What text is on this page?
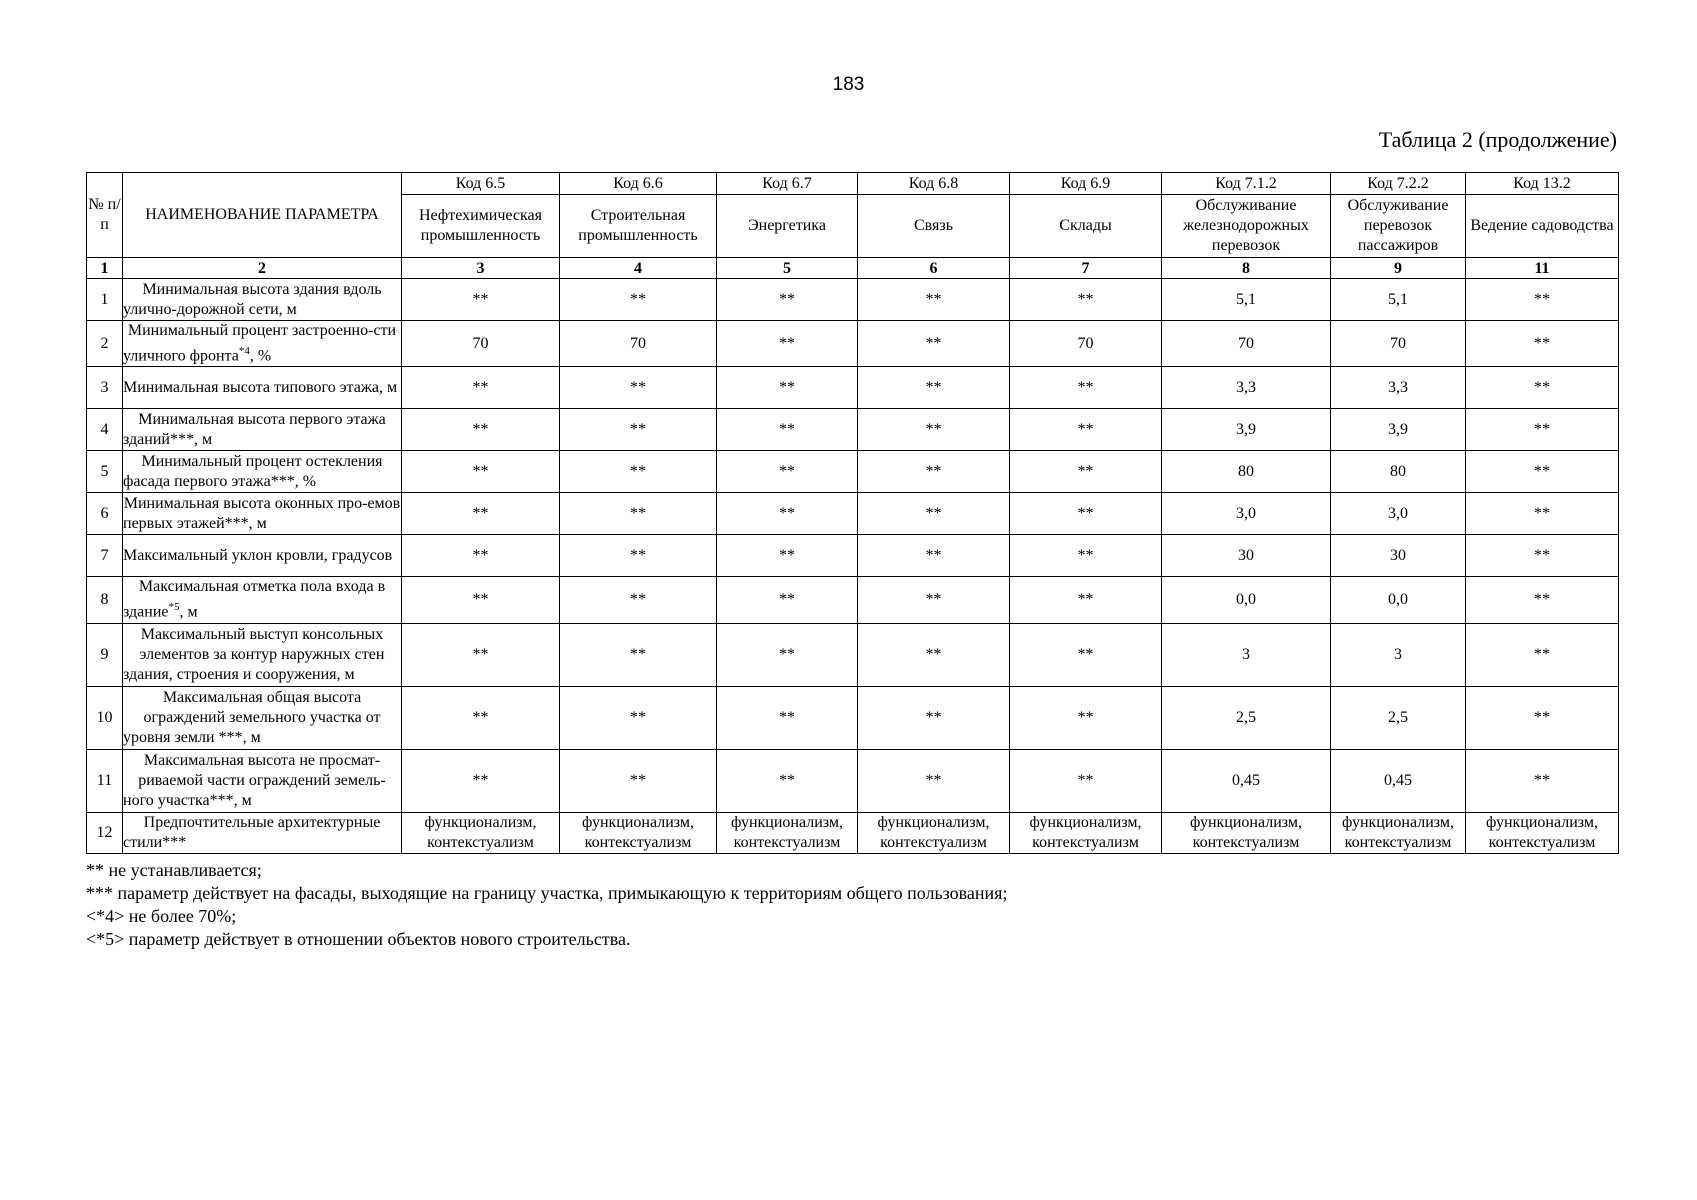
183
Таблица 2 (продолжение)
№ п/п	НАИМЕНОВАНИЕ ПАРАМЕТРА	Код 6.5	Код 6.6	Код 6.7	Код 6.8	Код 6.9	Код 7.1.2	Код 7.2.2	Код 13.2
		Нефтехимическая промышленность	Строительная промышленность	Энергетика	Связь	Склады	Обслуживание железнодорожных перевозок	Обслуживание перевозок пассажиров	Ведение садоводства
1	2	3	4	5	6	7	8	9	11
1	Минимальная высота здания вдоль улично-дорожной сети, м	**	**	**	**	**	5,1	5,1	**
2	Минимальный процент застроенно-сти уличного фронта$^{*4}$, %	70	70	**	**	70	70	70	**
3	Минимальная высота типового этажа, м	**	**	**	**	**	3,3	3,3	**
4	Минимальная высота первого этажа зданий***, м	**	**	**	**	**	3,9	3,9	**
5	Минимальный процент остекления фасада первого этажа***, %	**	**	**	**	**	80	80	**
6	Минимальная высота оконных про-емов первых этажей***, м	**	**	**	**	**	3,0	3,0	**
7	Максимальный уклон кровли, градусов	**	**	**	**	**	30	30	**
8	Максимальная отметка пола входа в здание$^{*5}$, м	**	**	**	**	**	0,0	0,0	**
9	Максимальный выступ консольных элементов за контур наружных стен здания, строения и сооружения, м	**	**	**	**	**	3	3	**
10	Максимальная общая высота ограждений земельного участка от уровня земли ***, м	**	**	**	**	**	2,5	2,5	**
11	Максимальная высота не просмат-риваемой части ограждений земель-ного участка***, м	**	**	**	**	**	0,45	0,45	**
12	Предпочтительные архитектурные стили***	функционализм, контекстуализм	функционализм, контекстуализм	функционализм, контекстуализм	функционализм, контекстуализм	функционализм, контекстуализм	функционализм, контекстуализм	функционализм, контекстуализм	функционализм, контекстуализм
** не устанавливается;
*** параметр действует на фасады, выходящие на границу участка, примыкающую к территориям общего пользования;
<*4> не более 70%;
<*5> параметр действует в отношении объектов нового строительства.
